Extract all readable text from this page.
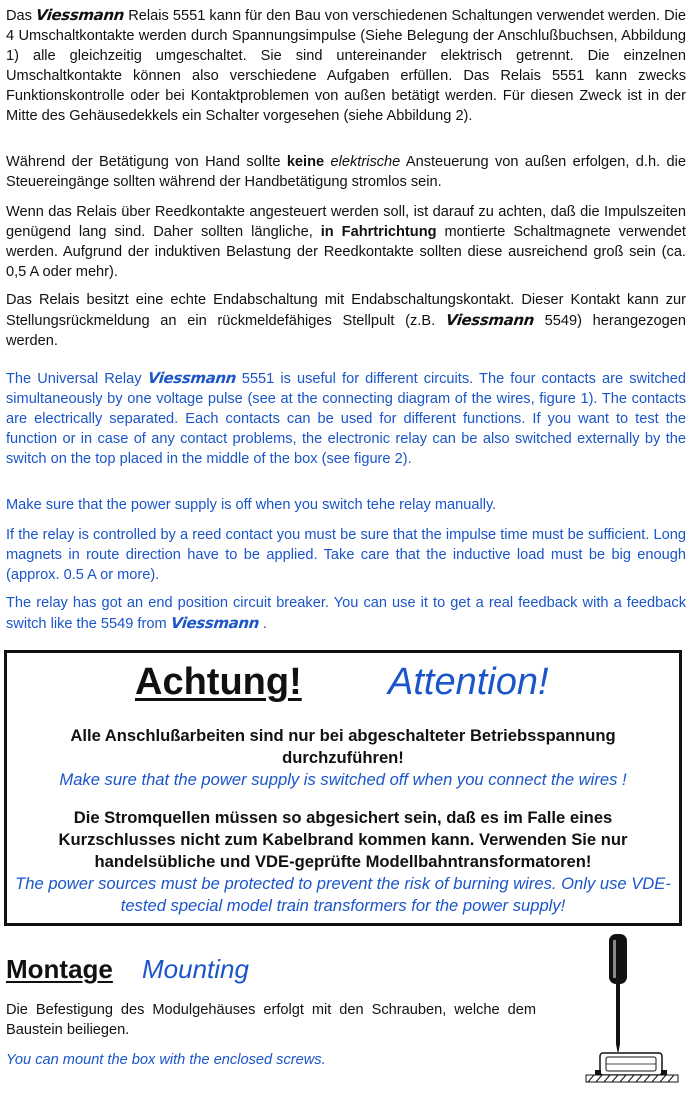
Das Viessmann Relais 5551 kann für den Bau von verschiedenen Schaltungen verwendet werden. Die 4 Umschaltkontakte werden durch Spannungsimpulse (Siehe Belegung der Anschlußbuchsen, Abbildung 1) alle gleichzeitig umgeschaltet. Sie sind untereinander elektrisch getrennt. Die einzelnen Umschaltkontakte können also verschiedene Aufgaben erfüllen. Das Relais 5551 kann zwecks Funktionskontrolle oder bei Kontaktproblemen von außen betätigt werden. Für diesen Zweck ist in der Mitte des Gehäusedekkels ein Schalter vorgesehen (siehe Abbildung 2).

Während der Betätigung von Hand sollte keine elektrische Ansteuerung von außen erfolgen, d.h. die Steuereingänge sollten während der Handbetätigung stromlos sein.

Wenn das Relais über Reedkontakte angesteuert werden soll, ist darauf zu achten, daß die Impulszeiten genügend lang sind. Daher sollten längliche, in Fahrtrichtung montierte Schaltmagnete verwendet werden. Aufgrund der induktiven Belastung der Reedkontakte sollten diese ausreichend groß sein (ca. 0,5 A oder mehr).

Das Relais besitzt eine echte Endabschaltung mit Endabschaltungskontakt. Dieser Kontakt kann zur Stellungsrückmeldung an ein rückmeldefähiges Stellpult (z.B. Viessmann 5549) herangezogen werden.

The Universal Relay Viessmann 5551 is useful for different circuits. The four contacts are switched simultaneously by one voltage pulse (see at the connecting diagram of the wires, figure 1). The contacts are electrically separated. Each contacts can be used for different functions. If you want to test the function or in case of any contact problems, the electronic relay can be also switched externally by the switch on the top placed in the middle of the box (see figure 2).

Make sure that the power supply is off when you switch tehe relay manually.

If the relay is controlled by a reed contact you must be sure that the impulse time must be sufficient. Long magnets in route direction have to be applied. Take care that the inductive load must be big enough (approx. 0.5 A or more).

The relay has got an end position circuit breaker. You can use it to get a real feedback with a feedback switch like the 5549 from Viessmann .

Achtung! Attention!

Alle Anschlußarbeiten sind nur bei abgeschalteter Betriebsspannung durchzuführen!

Make sure that the power supply is switched off when you connect the wires !

Die Stromquellen müssen so abgesichert sein, daß es im Falle eines Kurzschlusses nicht zum Kabelbrand kommen kann. Verwenden Sie nur handelsübliche und VDE-geprüfte Modellbahntransformatoren!

The power sources must be protected to prevent the risk of burning wires. Only use VDE-tested special model train transformers for the power supply!

Montage Mounting

Die Befestigung des Modulgehäuses erfolgt mit den Schrauben, welche dem Baustein beiliegen.

You can mount the box with the enclosed screws.
